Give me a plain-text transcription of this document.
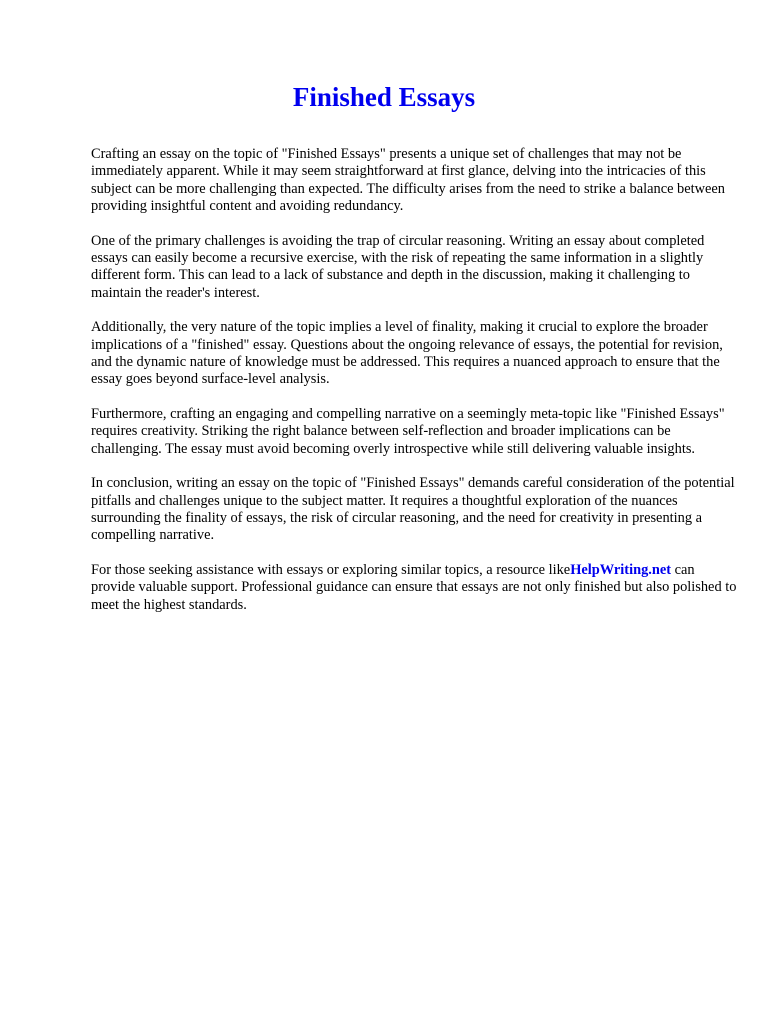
Finished Essays

Crafting an essay on the topic of "Finished Essays" presents a unique set of challenges that may not be immediately apparent. While it may seem straightforward at first glance, delving into the intricacies of this subject can be more challenging than expected. The difficulty arises from the need to strike a balance between providing insightful content and avoiding redundancy.

One of the primary challenges is avoiding the trap of circular reasoning. Writing an essay about completed essays can easily become a recursive exercise, with the risk of repeating the same information in a slightly different form. This can lead to a lack of substance and depth in the discussion, making it challenging to maintain the reader's interest.

Additionally, the very nature of the topic implies a level of finality, making it crucial to explore the broader implications of a "finished" essay. Questions about the ongoing relevance of essays, the potential for revision, and the dynamic nature of knowledge must be addressed. This requires a nuanced approach to ensure that the essay goes beyond surface-level analysis.

Furthermore, crafting an engaging and compelling narrative on a seemingly meta-topic like "Finished Essays" requires creativity. Striking the right balance between self-reflection and broader implications can be challenging. The essay must avoid becoming overly introspective while still delivering valuable insights.

In conclusion, writing an essay on the topic of "Finished Essays" demands careful consideration of the potential pitfalls and challenges unique to the subject matter. It requires a thoughtful exploration of the nuances surrounding the finality of essays, the risk of circular reasoning, and the need for creativity in presenting a compelling narrative.

For those seeking assistance with essays or exploring similar topics, a resource likeHelpWriting.net can provide valuable support. Professional guidance can ensure that essays are not only finished but also polished to meet the highest standards.
